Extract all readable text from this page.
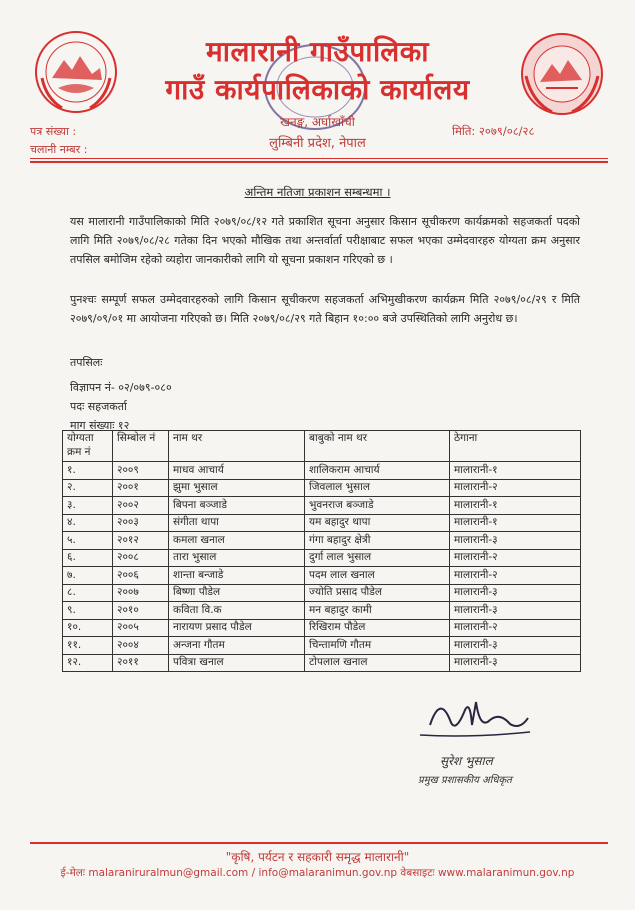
मालारानी गाउँपालिका
गाउँ कार्यपालिकाको कार्यालय
खनङ्ग, अर्घाखाँची
लुम्बिनी प्रदेश, नेपाल
पत्र संख्या :
चलानी नम्बर :
मिति: २०७९/०८/२८
अन्तिम नतिजा प्रकाशन सम्बन्धमा ।
यस मालारानी गाउँपालिकाको मिति २०७९/०८/१२ गते प्रकाशित सूचना अनुसार किसान सूचीकरण कार्यक्रमको सहजकर्ता पदको लागि मिति २०७९/०८/२८ गतेका दिन भएको मौखिक तथा अन्तर्वार्ता परीक्षाबाट सफल भएका उम्मेदवारहरु योग्यता क्रम अनुसार तपसिल बमोजिम रहेको व्यहोरा जानकारीको लागि यो सूचना प्रकाशन गरिएको छ ।
पुनश्चः सम्पूर्ण सफल उम्मेदवारहरुको लागि किसान सूचीकरण सहजकर्ता अभिमुखीकरण कार्यक्रम मिति २०७९/०८/२९ र मिति २०७९/०९/०१ मा आयोजना गरिएको छ। मिति २०७९/०८/२९ गते बिहान १०:०० बजे उपस्थितिको लागि अनुरोध छ।
तपसिलः
विज्ञापन नं- ०२/०७९-०८०
पदः सहजकर्ता
माग संख्याः १२
योग्यता क्रम नं	सिम्बोल नं	नाम थर	बाबुको नाम थर	ठेगाना
१.	२००९	माधव आचार्य	शालिकराम आचार्य	मालारानी-१
२.	२००१	झुमा भुसाल	जिवलाल भुसाल	मालारानी-२
३.	२००२	बिपना बञ्जाडे	भुवनराज बञ्जाडे	मालारानी-१
४.	२००३	संगीता थापा	यम बहादुर थापा	मालारानी-१
५.	२०१२	कमला खनाल	गंगा बहादुर क्षेत्री	मालारानी-३
६.	२००८	तारा भुसाल	दुर्गा लाल भुसाल	मालारानी-२
७.	२००६	शान्ता बन्जाडे	पदम लाल खनाल	मालारानी-२
८.	२००७	बिष्णा पौडेल	ज्योति प्रसाद पौडेल	मालारानी-३
९.	२०१०	कविता वि.क	मन बहादुर कामी	मालारानी-३
१०.	२००५	नारायण प्रसाद पौडेल	रिखिराम पौडेल	मालारानी-२
११.	२००४	अन्जना गौतम	चिन्तामणि गौतम	मालारानी-३
१२.	२०११	पवित्रा खनाल	टोपलाल खनाल	मालारानी-३
सुरेश भुसाल
प्रमुख प्रशासकीय अधिकृत
"कृषि, पर्यटन र सहकारी समृद्ध मालारानी"
ई-मेलः malaraniruralmun@gmail.com / info@malaranimun.gov.np वेबसाइटः www.malaranimun.gov.np
